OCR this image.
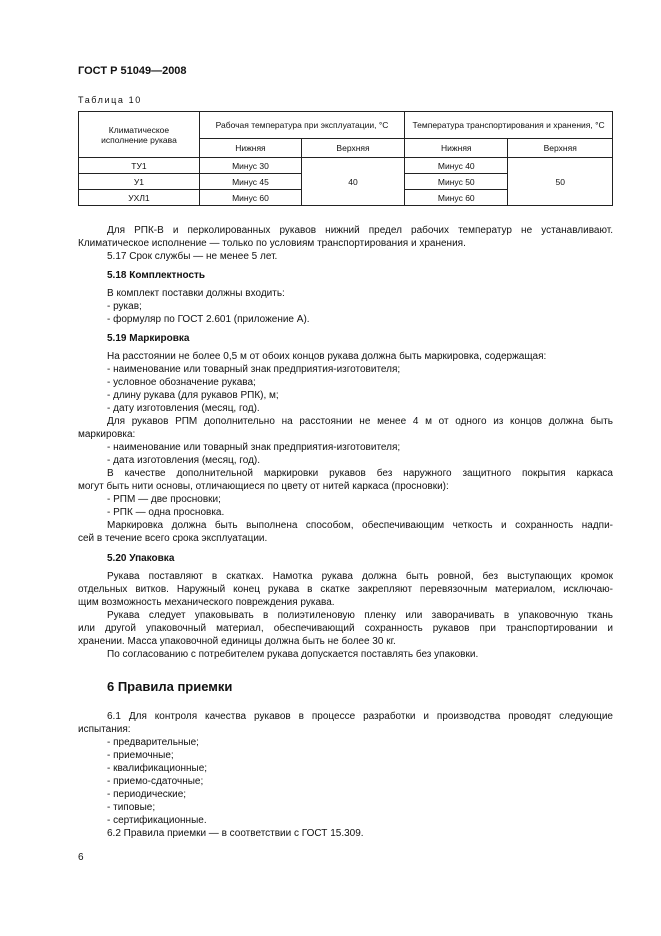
ГОСТ Р 51049—2008
Таблица 10
Климатическое исполнение рукава	Рабочая температура при эксплуатации, °С		Температура транспортирования и хранения, °С	
	Нижняя	Верхняя	Нижняя	Верхняя
ТУ1	Минус 30	40	Минус 40	50
У1	Минус 45		Минус 50	
УХЛ1	Минус 60		Минус 60	
Для РПК-В и перколированных рукавов нижний предел рабочих температур не устанавливают.
Климатическое исполнение — только по условиям транспортирования и хранения.
5.17 Срок службы — не менее 5 лет.
5.18 Комплектность
В комплект поставки должны входить:
- рукав;
- формуляр по ГОСТ 2.601 (приложение А).
5.19 Маркировка
На расстоянии не более 0,5 м от обоих концов рукава должна быть маркировка, содержащая:
- наименование или товарный знак предприятия-изготовителя;
- условное обозначение рукава;
- длину рукава (для рукавов РПК), м;
- дату изготовления (месяц, год).
Для рукавов РПМ дополнительно на расстоянии не менее 4 м от одного из концов должна быть
маркировка:
- наименование или товарный знак предприятия-изготовителя;
- дата изготовления (месяц, год).
В качестве дополнительной маркировки рукавов без наружного защитного покрытия каркаса
могут быть нити основы, отличающиеся по цвету от нитей каркаса (просновки):
- РПМ — две просновки;
- РПК — одна просновка.
Маркировка должна быть выполнена способом, обеспечивающим четкость и сохранность надпи-
сей в течение всего срока эксплуатации.
5.20 Упаковка
Рукава поставляют в скатках. Намотка рукава должна быть ровной, без выступающих кромок
отдельных витков. Наружный конец рукава в скатке закрепляют перевязочным материалом, исключаю-
щим возможность механического повреждения рукава.
Рукава следует упаковывать в полиэтиленовую пленку или заворачивать в упаковочную ткань
или другой упаковочный материал, обеспечивающий сохранность рукавов при транспортировании и
хранении. Масса упаковочной единицы должна быть не более 30 кг.
По согласованию с потребителем рукава допускается поставлять без упаковки.
6 Правила приемки
6.1 Для контроля качества рукавов в процессе разработки и производства проводят следующие
испытания:
- предварительные;
- приемочные;
- квалификационные;
- приемо-сдаточные;
- периодические;
- типовые;
- сертификационные.
6.2 Правила приемки — в соответствии с ГОСТ 15.309.
6
